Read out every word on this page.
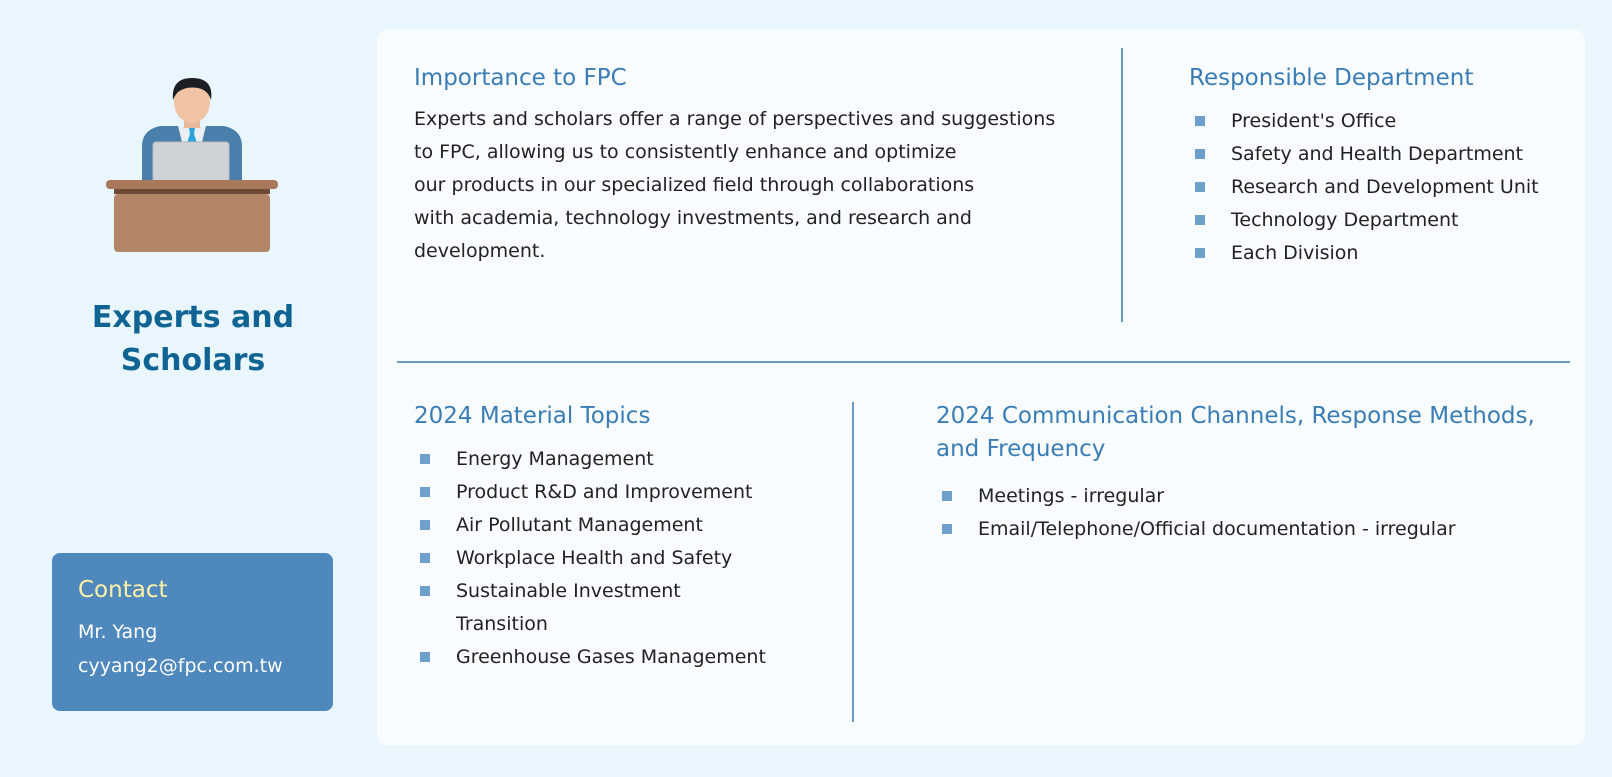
Experts and
Scholars
Contact
Mr. Yang
cyyang2@fpc.com.tw
Importance to FPC
Experts and scholars offer a range of perspectives and suggestions
to FPC, allowing us to consistently enhance and optimize
our products in our specialized field through collaborations
with academia, technology investments, and research and
development.
Responsible Department
President's Office
Safety and Health Department
Research and Development Unit
Technology Department
Each Division
2024 Material Topics
Energy Management
Product R&D and Improvement
Air Pollutant Management
Workplace Health and Safety
Sustainable Investment Transition
Greenhouse Gases Management
2024 Communication Channels, Response Methods, and Frequency
Meetings - irregular
Email/Telephone/Official documentation - irregular
